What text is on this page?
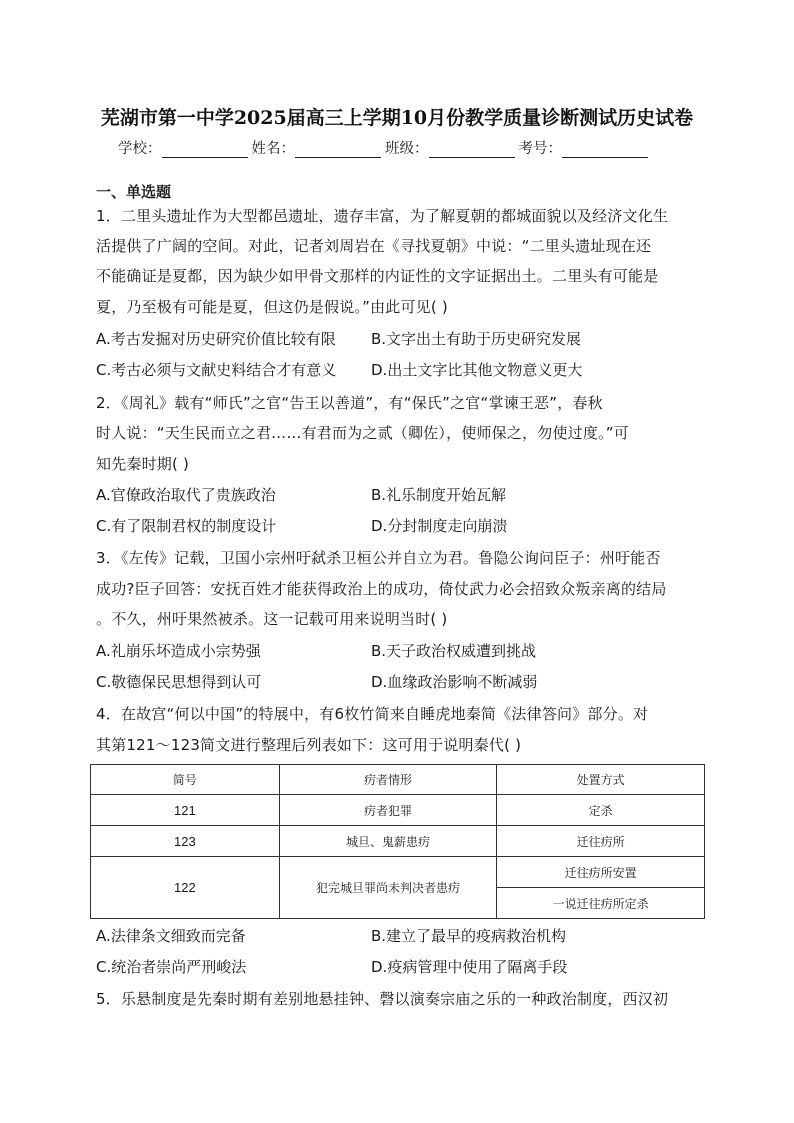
芜湖市第一中学2025届高三上学期10月份教学质量诊断测试历史试卷
学校：	姓名：	班级：	考号：
一、单选题
1．二里头遗址作为大型都邑遗址，遗存丰富，为了解夏朝的都城面貌以及经济文化生
活提供了广阔的空间。对此，记者刘周岩在《寻找夏朝》中说：“二里头遗址现在还
不能确证是夏都，因为缺少如甲骨文那样的内证性的文字证据出土。二里头有可能是
夏，乃至极有可能是夏，但这仍是假说。”由此可见( )
A.考古发掘对历史研究价值比较有限 B.文字出土有助于历史研究发展
C.考古必须与文献史料结合才有意义 D.出土文字比其他文物意义更大
2．《周礼》载有“师氏”之官“告王以善道”，有“保氏”之官“掌谏王恶”，春秋
时人说：“天生民而立之君……有君而为之贰（卿佐），使师保之，勿使过度。”可
知先秦时期( )
A.官僚政治取代了贵族政治	B.礼乐制度开始瓦解
C.有了限制君权的制度设计	D.分封制度走向崩溃
3．《左传》记载，卫国小宗州吁弑杀卫桓公并自立为君。鲁隐公询问臣子：州吁能否
成功?臣子回答：安抚百姓才能获得政治上的成功，倚仗武力必会招致众叛亲离的结局
。不久，州吁果然被杀。这一记载可用来说明当时( )
A.礼崩乐坏造成小宗势强	B.天子政治权威遭到挑战
C.敬德保民思想得到认可	D.血缘政治影响不断减弱
4．在故宫“何以中国”的特展中，有6枚竹简来自睡虎地秦简《法律答问》部分。对
其第121～123简文进行整理后列表如下：这可用于说明秦代( )
简号	疠者情形	处置方式
121	疠者犯罪	定杀
123	城旦、鬼薪患疠	迁往疠所
122	犯完城旦罪尚未判决者患疠	迁往疠所安置
		一说迁往疠所定杀
A.法律条文细致而完备	B.建立了最早的疫病救治机构
C.统治者崇尚严刑峻法	D.疫病管理中使用了隔离手段
5．乐悬制度是先秦时期有差别地悬挂钟、磬以演奏宗庙之乐的一种政治制度，西汉初
